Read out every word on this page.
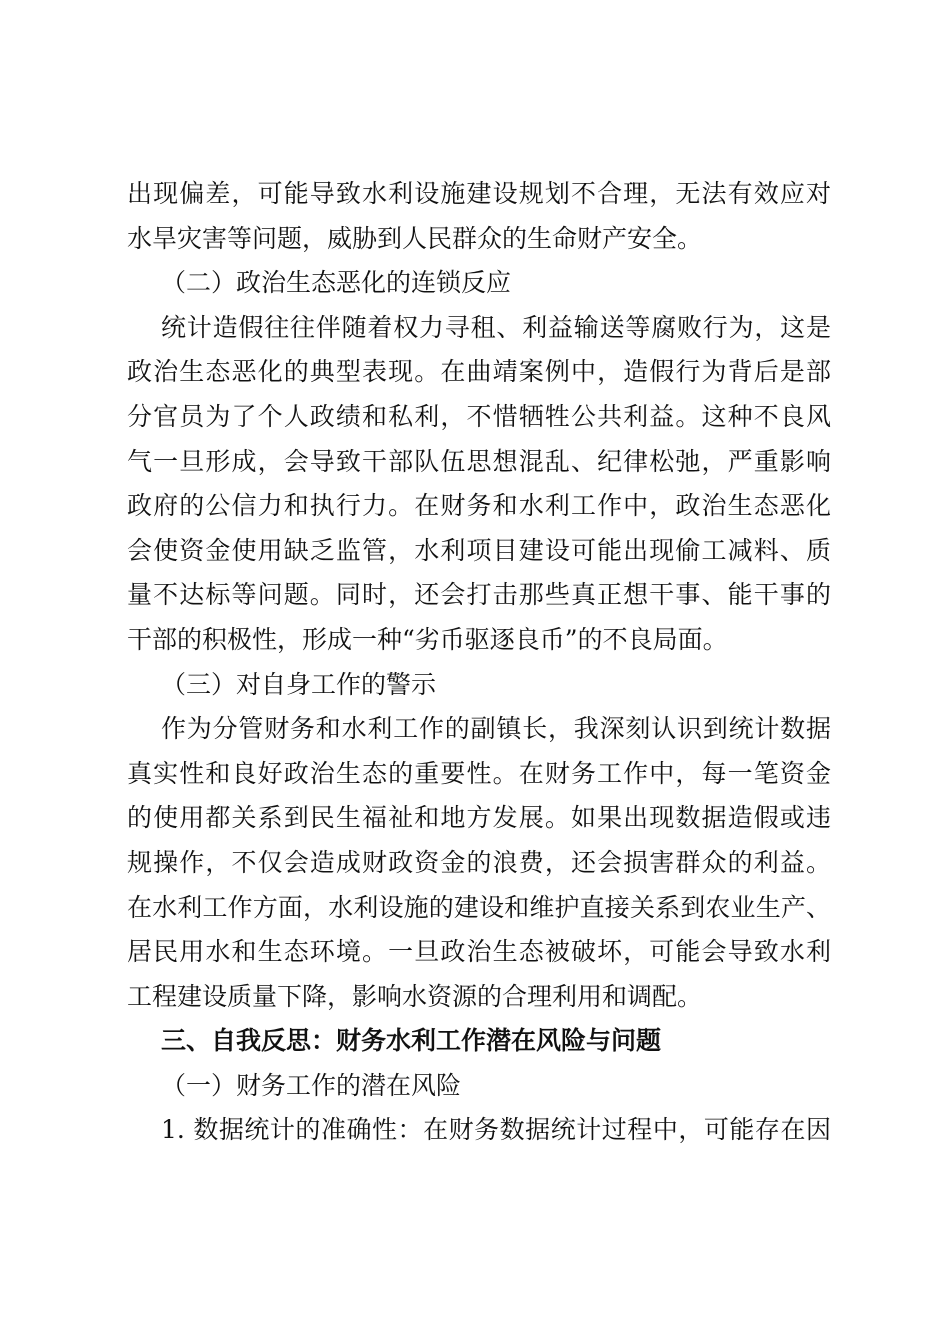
出现偏差，可能导致水利设施建设规划不合理，无法有效应对
水旱灾害等问题，威胁到人民群众的生命财产安全。
（二）政治生态恶化的连锁反应
统计造假往往伴随着权力寻租、利益输送等腐败行为，这是
政治生态恶化的典型表现。在曲靖案例中，造假行为背后是部
分官员为了个人政绩和私利，不惜牺牲公共利益。这种不良风
气一旦形成，会导致干部队伍思想混乱、纪律松弛，严重影响
政府的公信力和执行力。在财务和水利工作中，政治生态恶化
会使资金使用缺乏监管，水利项目建设可能出现偷工减料、质
量不达标等问题。同时，还会打击那些真正想干事、能干事的
干部的积极性，形成一种“劣币驱逐良币”的不良局面。
（三）对自身工作的警示
作为分管财务和水利工作的副镇长，我深刻认识到统计数据
真实性和良好政治生态的重要性。在财务工作中，每一笔资金
的使用都关系到民生福祉和地方发展。如果出现数据造假或违
规操作，不仅会造成财政资金的浪费，还会损害群众的利益。
在水利工作方面，水利设施的建设和维护直接关系到农业生产、
居民用水和生态环境。一旦政治生态被破坏，可能会导致水利
工程建设质量下降，影响水资源的合理利用和调配。
三、自我反思：财务水利工作潜在风险与问题
（一）财务工作的潜在风险
1. 数据统计的准确性：在财务数据统计过程中，可能存在因
